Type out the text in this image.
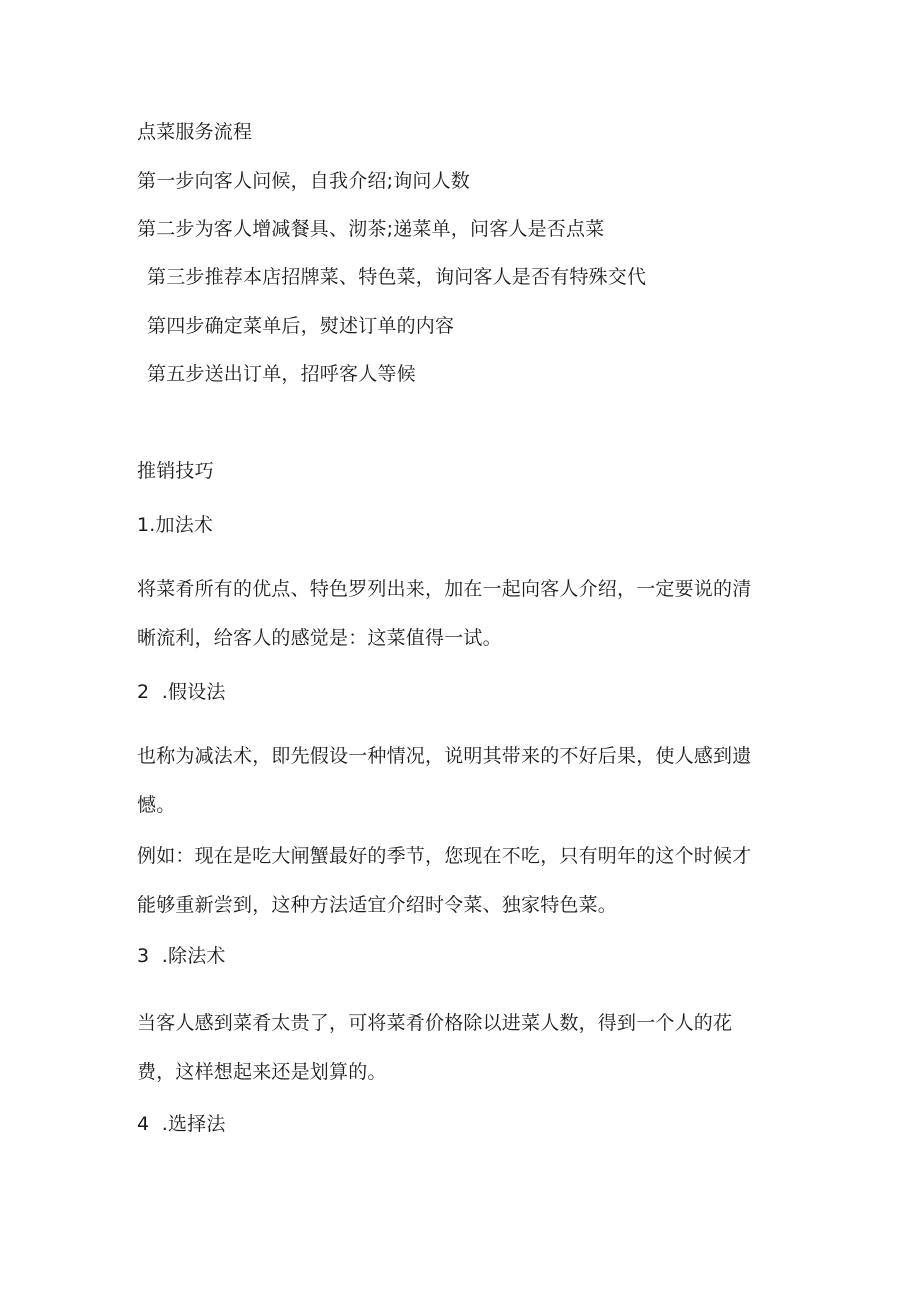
点菜服务流程

第一步向客人问候，自我介绍;询问人数

第二步为客人增减餐具、沏茶;递菜单，问客人是否点菜

第三步推荐本店招牌菜、特色菜，询问客人是否有特殊交代

第四步确定菜单后，熨述订单的内容

第五步送出订单，招呼客人等候

推销技巧

1.加法术

将菜肴所有的优点、特色罗列出来，加在一起向客人介绍，一定要说的清

晰流利，给客人的感觉是：这菜值得一试。

2  .假设法

也称为减法术，即先假设一种情况，说明其带来的不好后果，使人感到遗

憾。

例如：现在是吃大闸蟹最好的季节，您现在不吃，只有明年的这个时候才

能够重新尝到，这种方法适宜介绍时令菜、独家特色菜。

3  .除法术

当客人感到菜肴太贵了，可将菜肴价格除以进菜人数，得到一个人的花

费，这样想起来还是划算的。

4  .选择法
